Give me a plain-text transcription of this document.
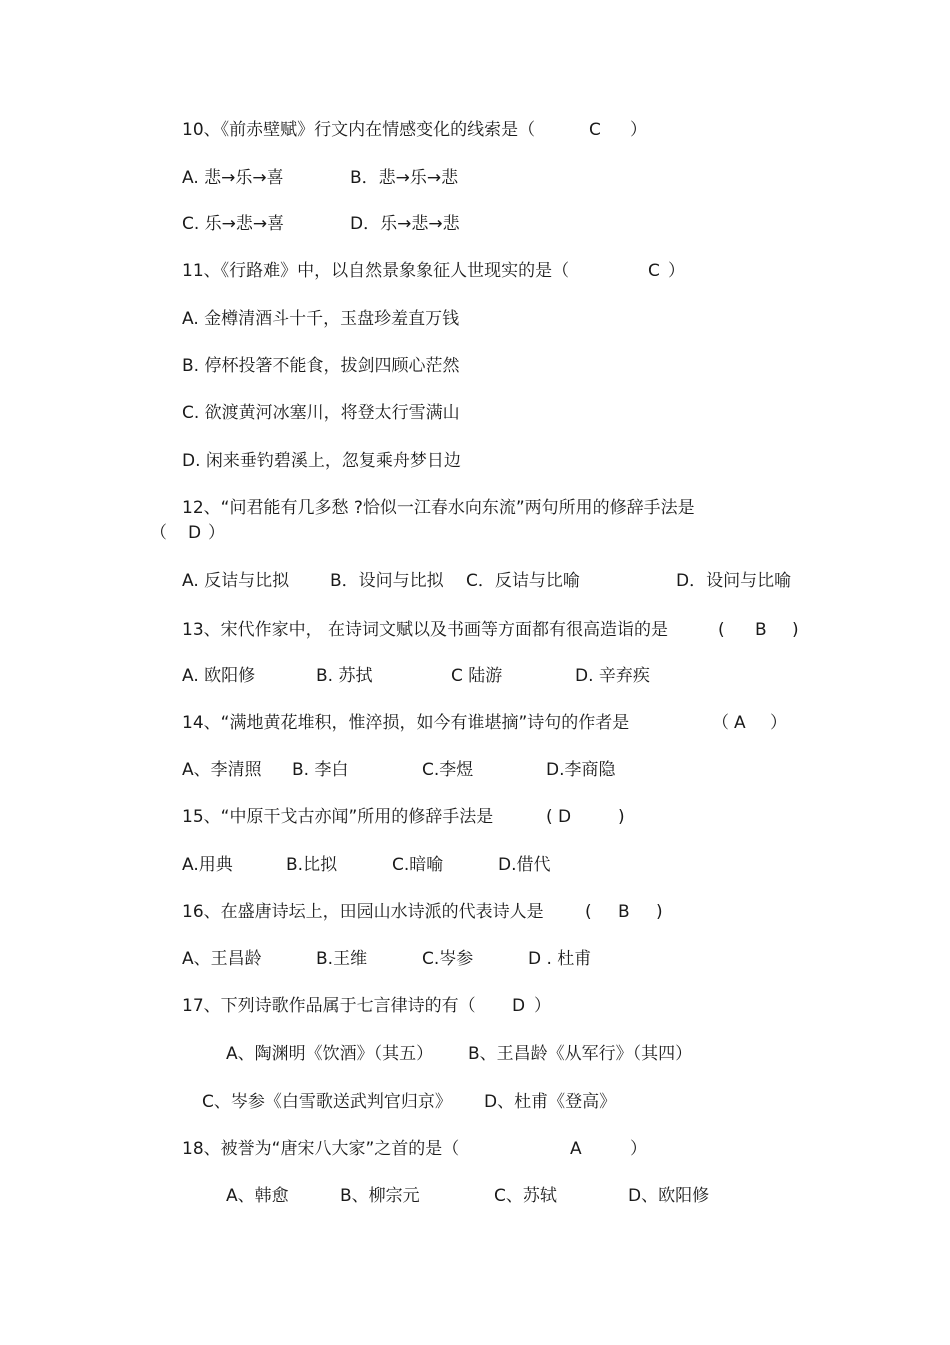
10、《前赤壁赋》行文内在情感变化的线索是（	C ）
A. 悲→乐→喜	B．悲→乐→悲
C. 乐→悲→喜	D．乐→悲→悲
11、《行路难》中，以自然景象象征人世现实的是（	C ）
A. 金樽清酒斗十千，玉盘珍羞直万钱
B. 停杯投箸不能食，拔剑四顾心茫然
C. 欲渡黄河冰塞川，将登太行雪满山
D. 闲来垂钓碧溪上，忽复乘舟梦日边
12、“问君能有几多愁 ?恰似一江春水向东流”两句所用的修辞手法是
（ D ）
A. 反诘与比拟 B．设问与比拟 C．反诘与比喻	D．设问与比喻
13、宋代作家中， 在诗词文赋以及书画等方面都有很高造诣的是	( B )
A. 欧阳修	B. 苏拭	C 陆游	D. 辛弃疾
14、“满地黄花堆积，惟淬损，如今有谁堪摘”诗句的作者是	（ A ）
A、李清照 B. 李白	C.李煜	D.李商隐
15、“中原干戈古亦闻”所用的修辞手法是	( D	)
A.用典	B.比拟	C.暗喻	D.借代
16、在盛唐诗坛上，田园山水诗派的代表诗人是 ( B )
A、王昌龄	B.王维	C.岑参	D . 杜甫
17、下列诗歌作品属于七言律诗的有（ D ）
A、陶渊明《饮酒》（其五） B、王昌龄《从军行》（其四）
C、岑参《白雪歌送武判官归京》 D、杜甫《登高》
18、被誉为“唐宋八大家”之首的是（	A	）
A、韩愈	B、柳宗元	C、苏轼	D、欧阳修
